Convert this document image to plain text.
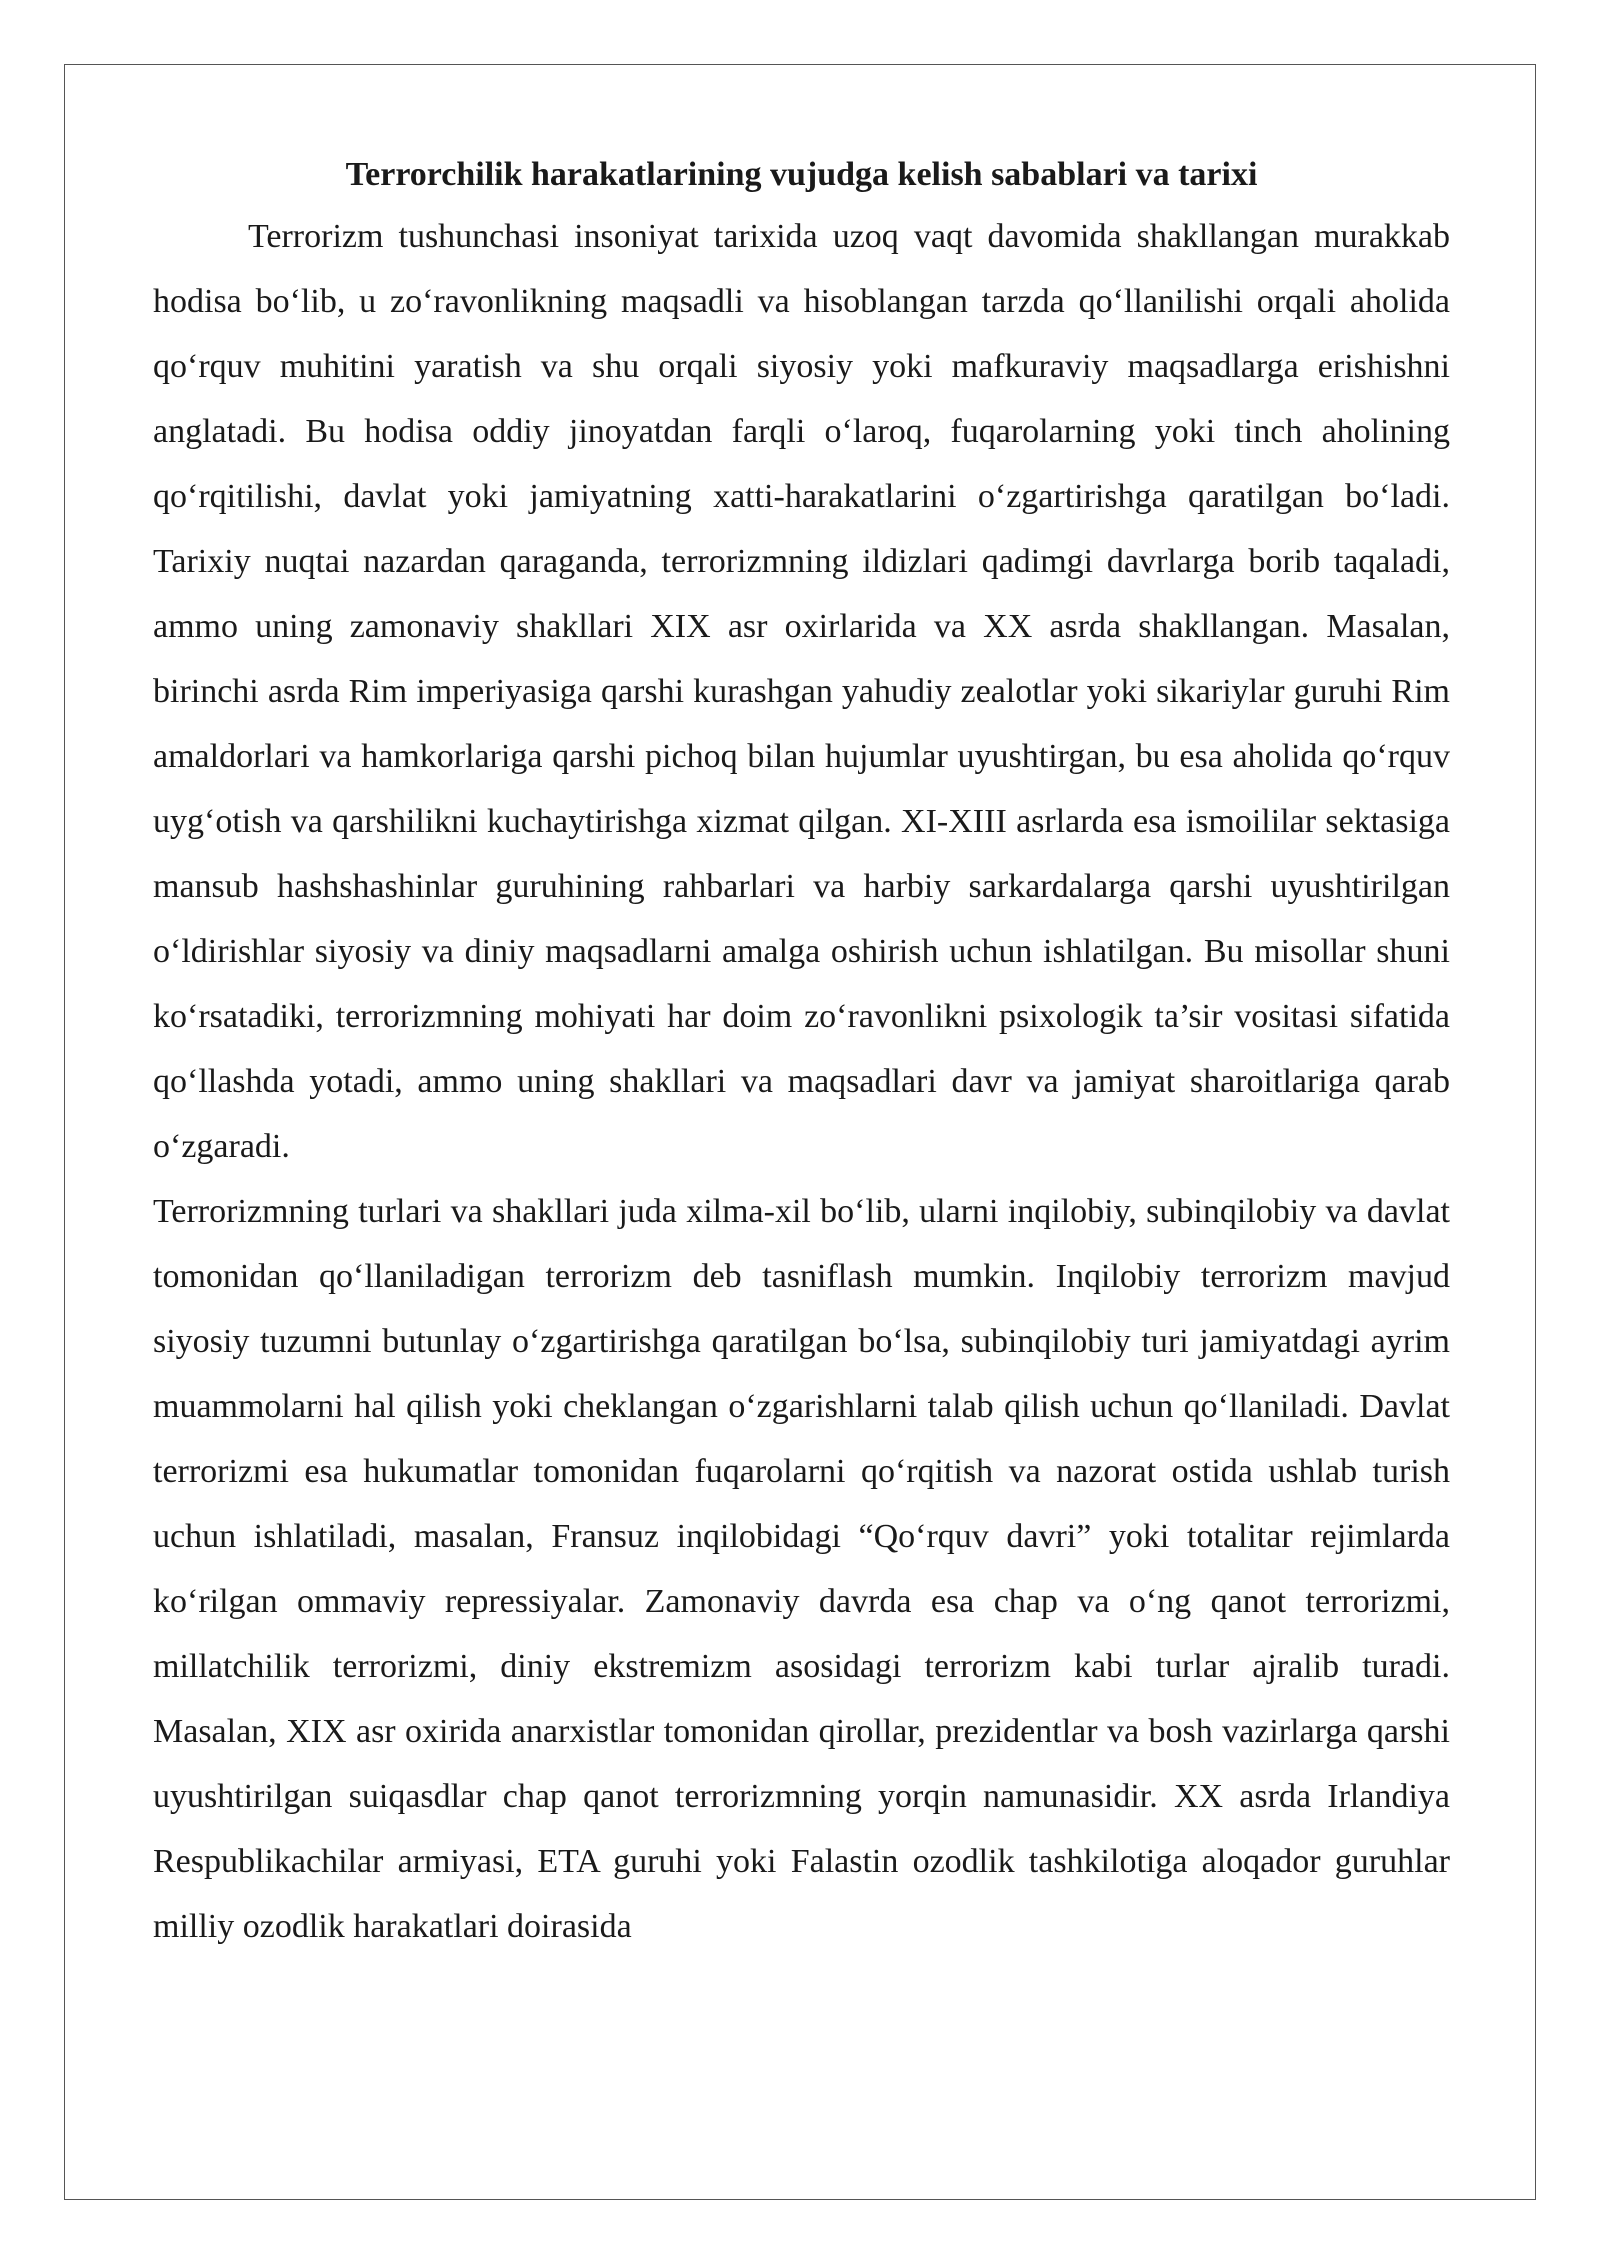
Terrorchilik harakatlarining vujudga kelish sabablari va tarixi

Terrorizm tushunchasi insoniyat tarixida uzoq vaqt davomida shakllangan murakkab hodisa bo‘lib, u zo‘ravonlikning maqsadli va hisoblangan tarzda qo‘llanilishi orqali aholida qo‘rquv muhitini yaratish va shu orqali siyosiy yoki mafkuraviy maqsadlarga erishishni anglatadi. Bu hodisa oddiy jinoyatdan farqli o‘laroq, fuqarolarning yoki tinch aholining qo‘rqitilishi, davlat yoki jamiyatning xatti-harakatlarini o‘zgartirishga qaratilgan bo‘ladi. Tarixiy nuqtai nazardan qaraganda, terrorizmning ildizlari qadimgi davrlarga borib taqaladi, ammo uning zamonaviy shakllari XIX asr oxirlarida va XX asrda shakllangan. Masalan, birinchi asrda Rim imperiyasiga qarshi kurashgan yahudiy zealotlar yoki sikariylar guruhi Rim amaldorlari va hamkorlariga qarshi pichoq bilan hujumlar uyushtirgan, bu esa aholida qo‘rquv uyg‘otish va qarshilikni kuchaytirishga xizmat qilgan. XI-XIII asrlarda esa ismoililar sektasiga mansub hashshashinlar guruhining rahbarlari va harbiy sarkardalarga qarshi uyushtirilgan o‘ldirishlar siyosiy va diniy maqsadlarni amalga oshirish uchun ishlatilgan. Bu misollar shuni ko‘rsatadiki, terrorizmning mohiyati har doim zo‘ravonlikni psixologik ta’sir vositasi sifatida qo‘llashda yotadi, ammo uning shakllari va maqsadlari davr va jamiyat sharoitlariga qarab o‘zgaradi.

Terrorizmning turlari va shakllari juda xilma-xil bo‘lib, ularni inqilobiy, subinqilobiy va davlat tomonidan qo‘llaniladigan terrorizm deb tasniflash mumkin. Inqilobiy terrorizm mavjud siyosiy tuzumni butunlay o‘zgartirishga qaratilgan bo‘lsa, subinqilobiy turi jamiyatdagi ayrim muammolarni hal qilish yoki cheklangan o‘zgarishlarni talab qilish uchun qo‘llaniladi. Davlat terrorizmi esa hukumatlar tomonidan fuqarolarni qo‘rqitish va nazorat ostida ushlab turish uchun ishlatiladi, masalan, Fransuz inqilobidagi “Qo‘rquv davri” yoki totalitar rejimlarda ko‘rilgan ommaviy repressiyalar. Zamonaviy davrda esa chap va o‘ng qanot terrorizmi, millatchilik terrorizmi, diniy ekstremizm asosidagi terrorizm kabi turlar ajralib turadi. Masalan, XIX asr oxirida anarxistlar tomonidan qirollar, prezidentlar va bosh vazirlarga qarshi uyushtirilgan suiqasdlar chap qanot terrorizmning yorqin namunasidir. XX asrda Irlandiya Respublikachilar armiyasi, ETA guruhi yoki Falastin ozodlik tashkilotiga aloqador guruhlar milliy ozodlik harakatlari doirasida
